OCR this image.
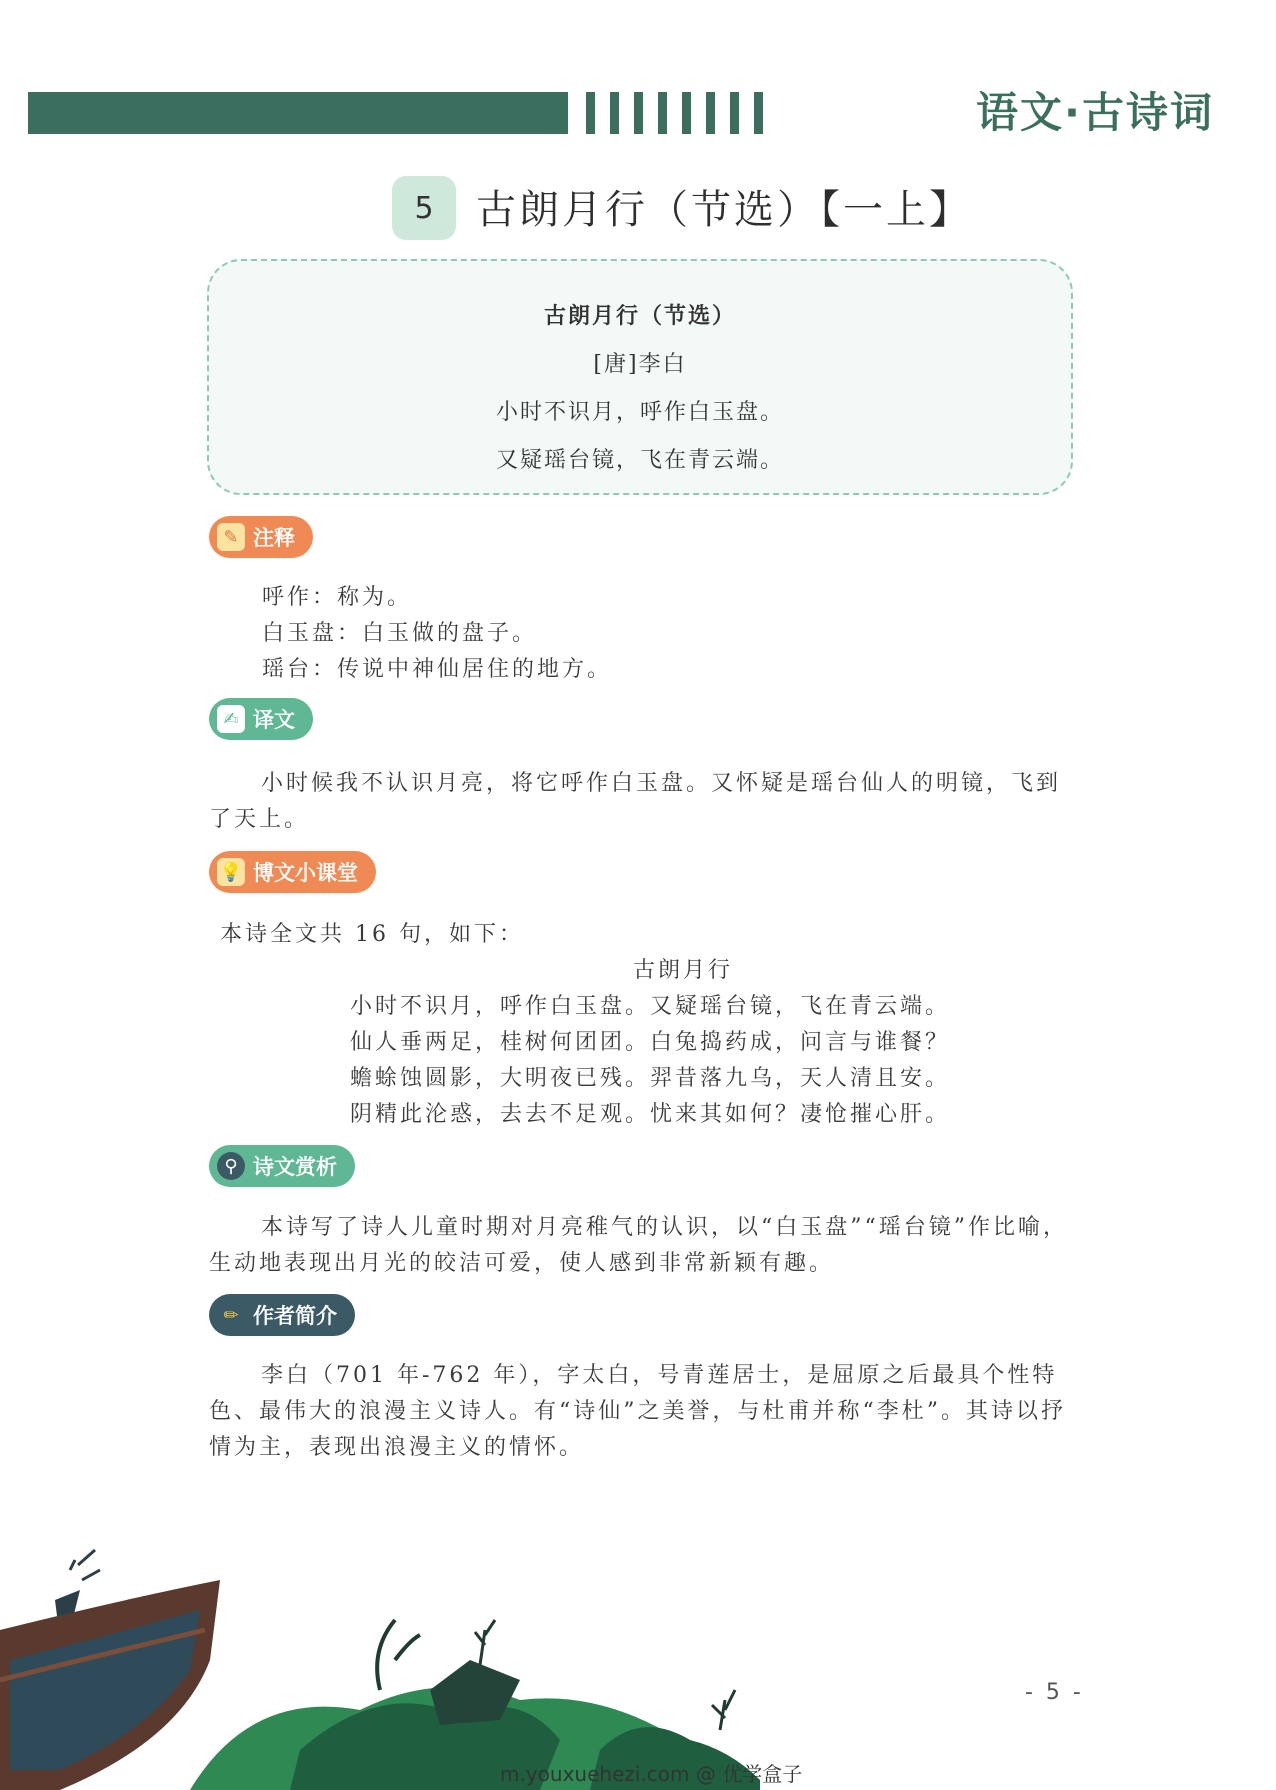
语文·古诗词
5	古朗月行（节选）【一上】
古朗月行（节选）
[唐]李白
小时不识月，呼作白玉盘。
又疑瑶台镜，飞在青云端。
✎ 注释
呼作：称为。
白玉盘：白玉做的盘子。
瑶台：传说中神仙居住的地方。
✍ 译文
小时候我不认识月亮，将它呼作白玉盘。又怀疑是瑶台仙人的明镜，飞到了天上。
💡 博文小课堂
本诗全文共 16 句，如下：
古朗月行
小时不识月，呼作白玉盘。又疑瑶台镜，飞在青云端。
仙人垂两足，桂树何团团。白兔捣药成，问言与谁餐？
蟾蜍蚀圆影，大明夜已残。羿昔落九乌，天人清且安。
阴精此沦惑，去去不足观。忧来其如何？凄怆摧心肝。
⚲ 诗文赏析
本诗写了诗人儿童时期对月亮稚气的认识，以“白玉盘”“瑶台镜”作比喻，生动地表现出月光的皎洁可爱，使人感到非常新颖有趣。
✏ 作者简介
李白（701 年-762 年），字太白，号青莲居士，是屈原之后最具个性特色、最伟大的浪漫主义诗人。有“诗仙”之美誉，与杜甫并称“李杜”。其诗以抒情为主，表现出浪漫主义的情怀。
- 5 -
m.youxuehezi.com @ 优学盒子
